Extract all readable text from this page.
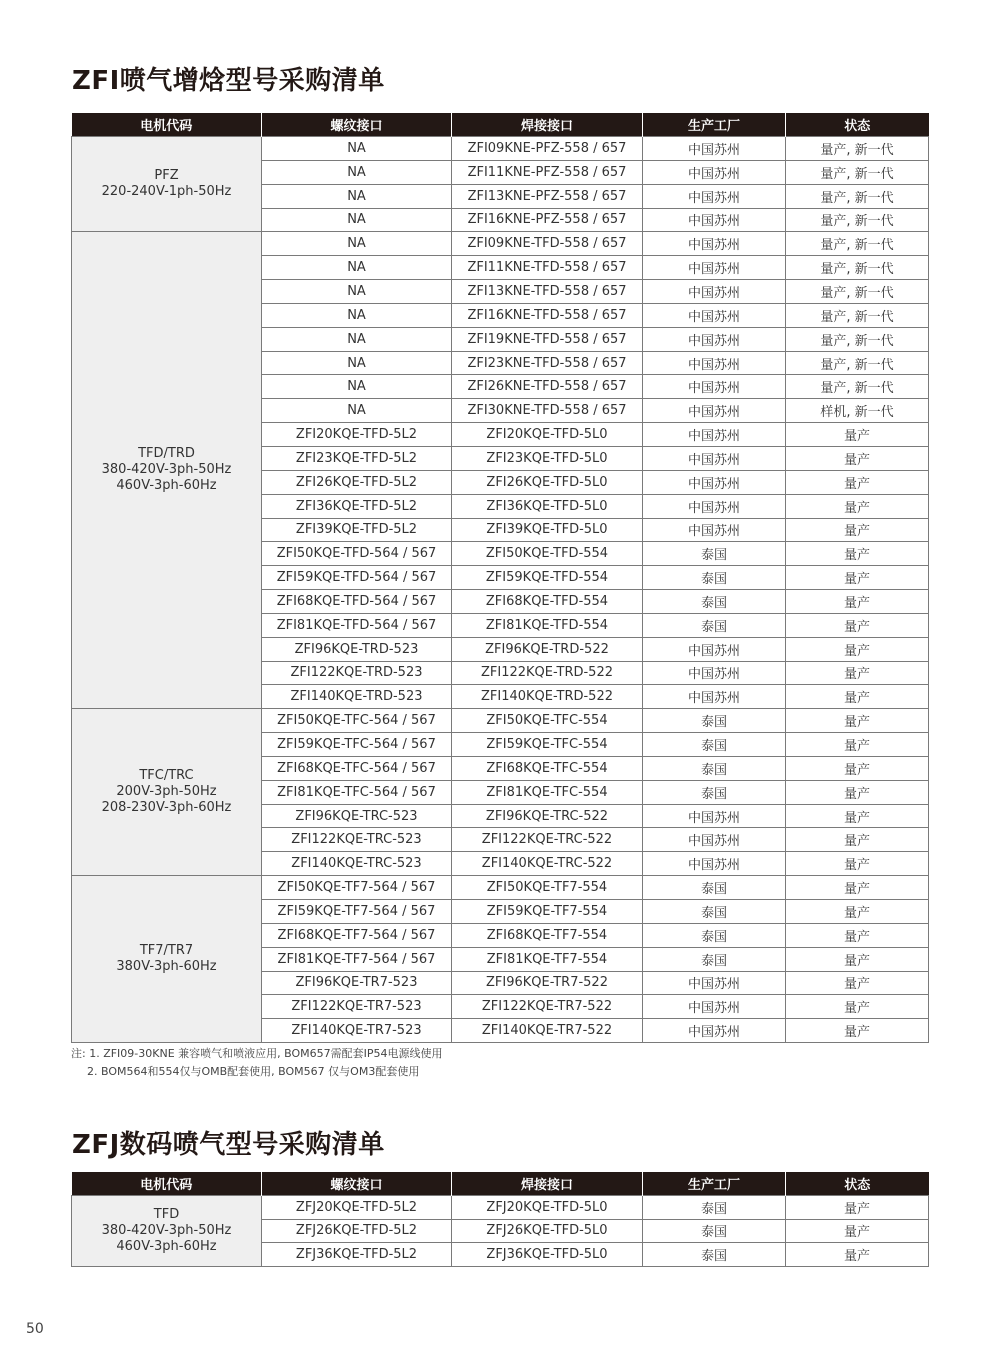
ZFI喷气增焓型号采购清单
电机代码	螺纹接口	焊接接口	生产工厂	状态

PFZ
220-240V-1ph-50Hz	NA	ZFI09KNE-PFZ-558 / 657	中国苏州	量产, 新一代
	NA	ZFI11KNE-PFZ-558 / 657	中国苏州	量产, 新一代
	NA	ZFI13KNE-PFZ-558 / 657	中国苏州	量产, 新一代
	NA	ZFI16KNE-PFZ-558 / 657	中国苏州	量产, 新一代

TFD/TRD
380-420V-3ph-50Hz
460V-3ph-60Hz	NA	ZFI09KNE-TFD-558 / 657	中国苏州	量产, 新一代
	NA	ZFI11KNE-TFD-558 / 657	中国苏州	量产, 新一代
	NA	ZFI13KNE-TFD-558 / 657	中国苏州	量产, 新一代
	NA	ZFI16KNE-TFD-558 / 657	中国苏州	量产, 新一代
	NA	ZFI19KNE-TFD-558 / 657	中国苏州	量产, 新一代
	NA	ZFI23KNE-TFD-558 / 657	中国苏州	量产, 新一代
	NA	ZFI26KNE-TFD-558 / 657	中国苏州	量产, 新一代
	NA	ZFI30KNE-TFD-558 / 657	中国苏州	样机, 新一代
	ZFI20KQE-TFD-5L2	ZFI20KQE-TFD-5L0	中国苏州	量产
	ZFI23KQE-TFD-5L2	ZFI23KQE-TFD-5L0	中国苏州	量产
	ZFI26KQE-TFD-5L2	ZFI26KQE-TFD-5L0	中国苏州	量产
	ZFI36KQE-TFD-5L2	ZFI36KQE-TFD-5L0	中国苏州	量产
	ZFI39KQE-TFD-5L2	ZFI39KQE-TFD-5L0	中国苏州	量产
	ZFI50KQE-TFD-564 / 567	ZFI50KQE-TFD-554	泰国	量产
	ZFI59KQE-TFD-564 / 567	ZFI59KQE-TFD-554	泰国	量产
	ZFI68KQE-TFD-564 / 567	ZFI68KQE-TFD-554	泰国	量产
	ZFI81KQE-TFD-564 / 567	ZFI81KQE-TFD-554	泰国	量产
	ZFI96KQE-TRD-523	ZFI96KQE-TRD-522	中国苏州	量产
	ZFI122KQE-TRD-523	ZFI122KQE-TRD-522	中国苏州	量产
	ZFI140KQE-TRD-523	ZFI140KQE-TRD-522	中国苏州	量产

TFC/TRC
200V-3ph-50Hz
208-230V-3ph-60Hz	ZFI50KQE-TFC-564 / 567	ZFI50KQE-TFC-554	泰国	量产
	ZFI59KQE-TFC-564 / 567	ZFI59KQE-TFC-554	泰国	量产
	ZFI68KQE-TFC-564 / 567	ZFI68KQE-TFC-554	泰国	量产
	ZFI81KQE-TFC-564 / 567	ZFI81KQE-TFC-554	泰国	量产
	ZFI96KQE-TRC-523	ZFI96KQE-TRC-522	中国苏州	量产
	ZFI122KQE-TRC-523	ZFI122KQE-TRC-522	中国苏州	量产
	ZFI140KQE-TRC-523	ZFI140KQE-TRC-522	中国苏州	量产

TF7/TR7
380V-3ph-60Hz	ZFI50KQE-TF7-564 / 567	ZFI50KQE-TF7-554	泰国	量产
	ZFI59KQE-TF7-564 / 567	ZFI59KQE-TF7-554	泰国	量产
	ZFI68KQE-TF7-564 / 567	ZFI68KQE-TF7-554	泰国	量产
	ZFI81KQE-TF7-564 / 567	ZFI81KQE-TF7-554	泰国	量产
	ZFI96KQE-TR7-523	ZFI96KQE-TR7-522	中国苏州	量产
	ZFI122KQE-TR7-523	ZFI122KQE-TR7-522	中国苏州	量产
	ZFI140KQE-TR7-523	ZFI140KQE-TR7-522	中国苏州	量产
注: 1. ZFI09-30KNE 兼容喷气和喷液应用, BOM657需配套IP54电源线使用
2. BOM564和554仅与OMB配套使用, BOM567 仅与OM3配套使用
ZFJ数码喷气型号采购清单
电机代码	螺纹接口	焊接接口	生产工厂	状态

TFD
380-420V-3ph-50Hz
460V-3ph-60Hz	ZFJ20KQE-TFD-5L2	ZFJ20KQE-TFD-5L0	泰国	量产
	ZFJ26KQE-TFD-5L2	ZFJ26KQE-TFD-5L0	泰国	量产
	ZFJ36KQE-TFD-5L2	ZFJ36KQE-TFD-5L0	泰国	量产
50
